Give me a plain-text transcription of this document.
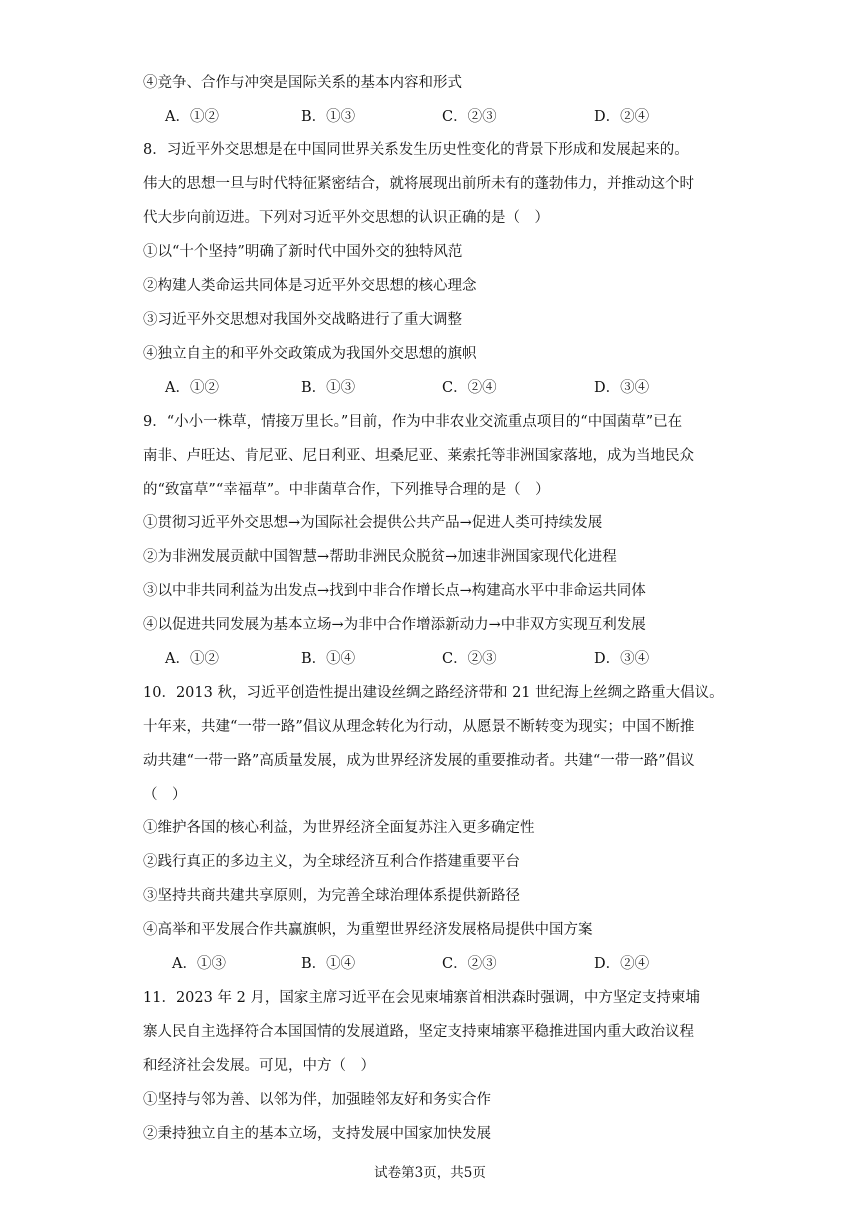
④竞争、合作与冲突是国际关系的基本内容和形式
A．①②	B．①③	C．②③	D．②④
8．习近平外交思想是在中国同世界关系发生历史性变化的背景下形成和发展起来的。
伟大的思想一旦与时代特征紧密结合，就将展现出前所未有的蓬勃伟力，并推动这个时
代大步向前迈进。下列对习近平外交思想的认识正确的是（　）
①以“十个坚持”明确了新时代中国外交的独特风范
②构建人类命运共同体是习近平外交思想的核心理念
③习近平外交思想对我国外交战略进行了重大调整
④独立自主的和平外交政策成为我国外交思想的旗帜
A．①②	B．①③	C．②④	D．③④
9．“小小一株草，情接万里长。”目前，作为中非农业交流重点项目的“中国菌草”已在
南非、卢旺达、肯尼亚、尼日利亚、坦桑尼亚、莱索托等非洲国家落地，成为当地民众
的“致富草”“幸福草”。中非菌草合作，下列推导合理的是（　）
①贯彻习近平外交思想→为国际社会提供公共产品→促进人类可持续发展
②为非洲发展贡献中国智慧→帮助非洲民众脱贫→加速非洲国家现代化进程
③以中非共同利益为出发点→找到中非合作增长点→构建高水平中非命运共同体
④以促进共同发展为基本立场→为非中合作增添新动力→中非双方实现互利发展
A．①②	B．①④	C．②③	D．③④
10．2013 秋，习近平创造性提出建设丝绸之路经济带和 21 世纪海上丝绸之路重大倡议。
十年来，共建“一带一路”倡议从理念转化为行动，从愿景不断转变为现实；中国不断推
动共建“一带一路”高质量发展，成为世界经济发展的重要推动者。共建“一带一路”倡议
（　）
①维护各国的核心利益，为世界经济全面复苏注入更多确定性
②践行真正的多边主义，为全球经济互利合作搭建重要平台
③坚持共商共建共享原则，为完善全球治理体系提供新路径
④高举和平发展合作共赢旗帜，为重塑世界经济发展格局提供中国方案
A．①③	B．①④	C．②③	D．②④
11．2023 年 2 月，国家主席习近平在会见柬埔寨首相洪森时强调，中方坚定支持柬埔
寨人民自主选择符合本国国情的发展道路，坚定支持柬埔寨平稳推进国内重大政治议程
和经济社会发展。可见，中方（　）
①坚持与邻为善、以邻为伴，加强睦邻友好和务实合作
②秉持独立自主的基本立场，支持发展中国家加快发展
试卷第3页，共5页
